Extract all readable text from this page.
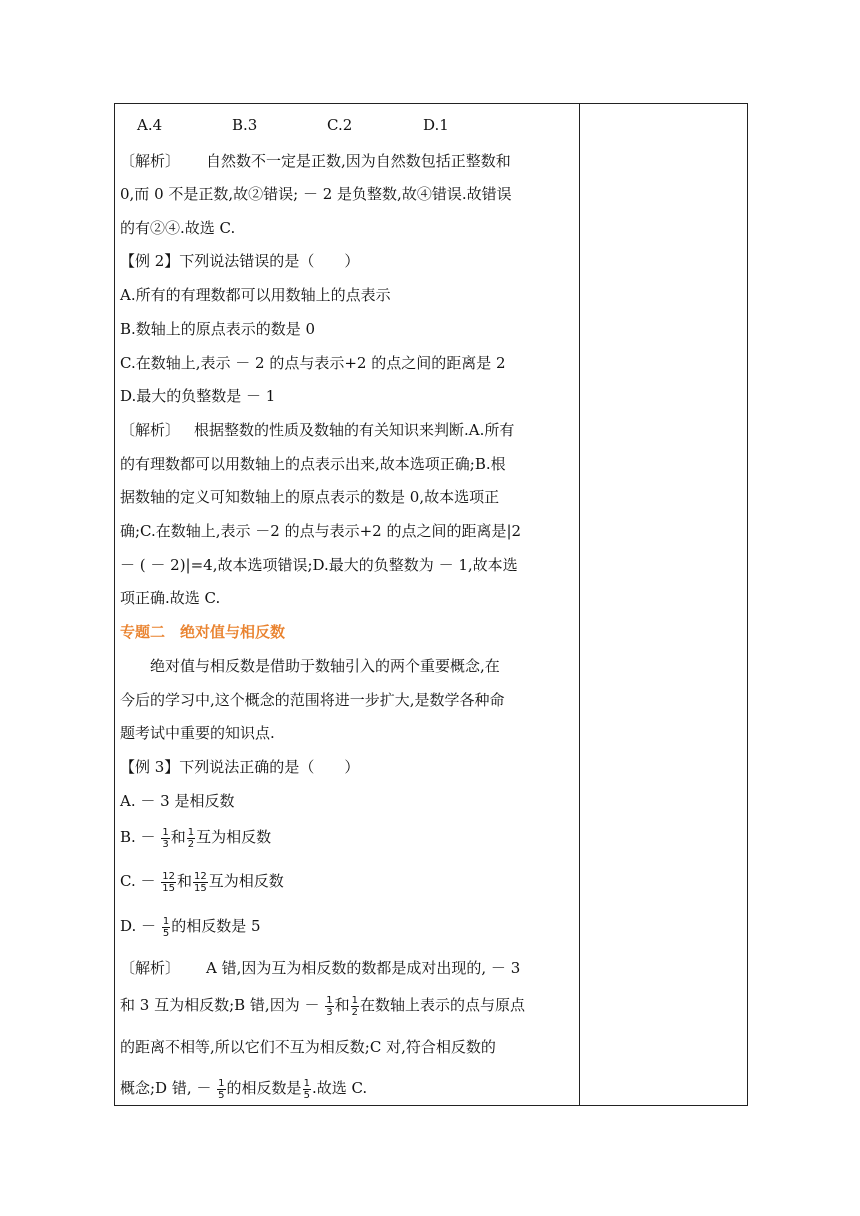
A.4	B.3	C.2	D.1
〔解析〕 自然数不一定是正数,因为自然数包括正整数和
0,而 0 不是正数,故②错误; － 2 是负整数,故④错误.故错误
的有②④.故选 C.
【例 2】下列说法错误的是（　　）
A.所有的有理数都可以用数轴上的点表示
B.数轴上的原点表示的数是 0
C.在数轴上,表示 － 2 的点与表示+2 的点之间的距离是 2
D.最大的负整数是 － 1
〔解析〕 根据整数的性质及数轴的有关知识来判断.A.所有
的有理数都可以用数轴上的点表示出来,故本选项正确;B.根
据数轴的定义可知数轴上的原点表示的数是 0,故本选项正
确;C.在数轴上,表示 －2 的点与表示+2 的点之间的距离是|2
－ ( － 2)|=4,故本选项错误;D.最大的负整数为 － 1,故本选
项正确.故选 C.
专题二　绝对值与相反数
绝对值与相反数是借助于数轴引入的两个重要概念,在
今后的学习中,这个概念的范围将进一步扩大,是数学各种命
题考试中重要的知识点.
【例 3】下列说法正确的是（　　）
A. － 3 是相反数
B. － $\frac{1}{3}$ 和 $\frac{1}{2}$ 互为相反数
C. － $\frac{12}{15}$ 和 $\frac{12}{15}$ 互为相反数
D. － $\frac{1}{5}$ 的相反数是 5
〔解析〕 A 错,因为互为相反数的数都是成对出现的, － 3
和 3 互为相反数;B 错,因为 － $\frac{1}{3}$ 和 $\frac{1}{2}$ 在数轴上表示的点与原点
的距离不相等,所以它们不互为相反数;C 对,符合相反数的
概念;D 错, － $\frac{1}{5}$ 的相反数是 $\frac{1}{5}$ .故选 C.
